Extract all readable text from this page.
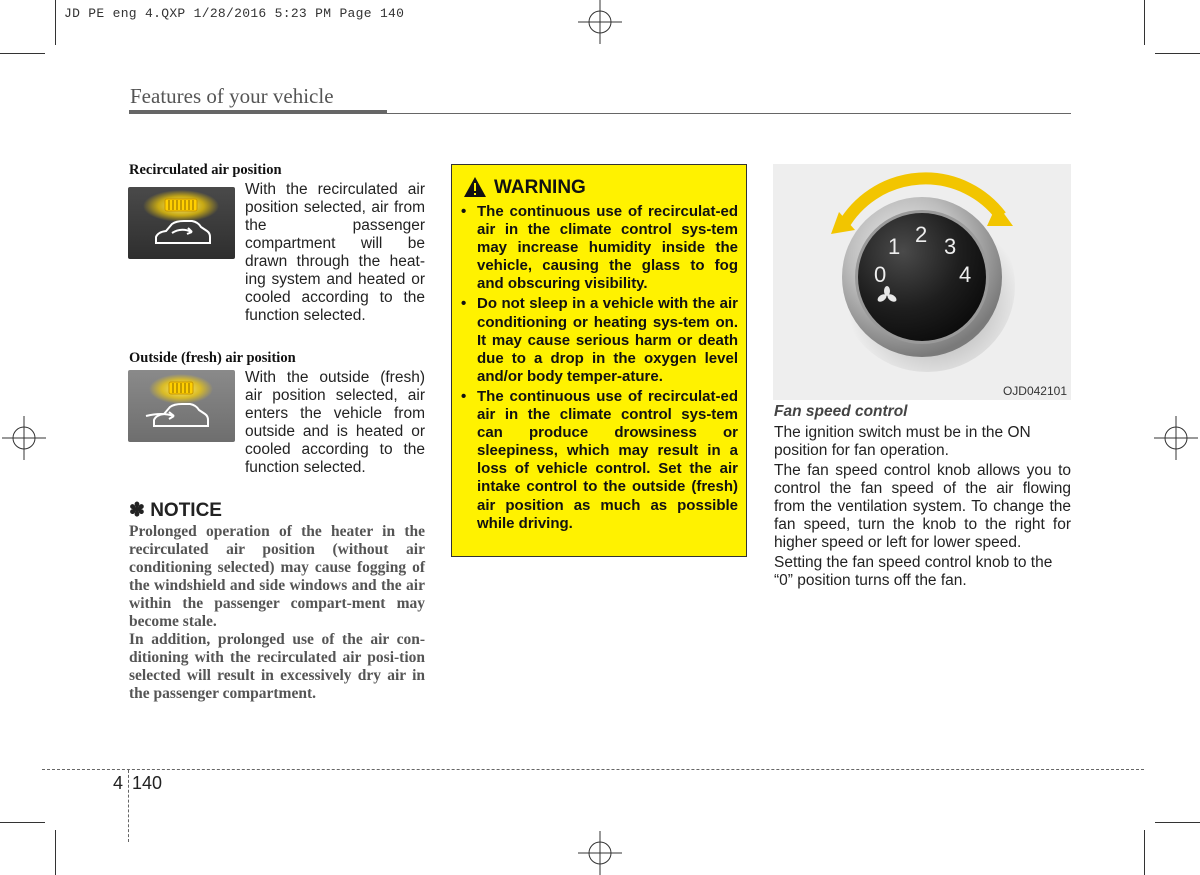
JD PE eng 4.QXP 1/28/2016 5:23 PM Page 140
Features of your vehicle
Recirculated air position
With the recirculated air position selected, air from the passenger compartment will be drawn through the heat-ing system and heated or cooled according to the function selected.
Outside (fresh) air position
With the outside (fresh) air position selected, air enters the vehicle from outside and is heated or cooled according to the function selected.
✽ NOTICE
Prolonged operation of the heater in the recirculated air position (without air conditioning selected) may cause fogging of the windshield and side windows and the air within the passenger compart-ment may become stale.
In addition, prolonged use of the air con-ditioning with the recirculated air posi-tion selected will result in excessively dry air in the passenger compartment.
WARNING
• The continuous use of recirculat-ed air in the climate control sys-tem may increase humidity inside the vehicle, causing the glass to fog and obscuring visibility.
• Do not sleep in a vehicle with the air conditioning or heating sys-tem on. It may cause serious harm or death due to a drop in the oxygen level and/or body temper-ature.
• The continuous use of recirculat-ed air in the climate control sys-tem can produce drowsiness or sleepiness, which may result in a loss of vehicle control. Set the air intake control to the outside (fresh) air position as much as possible while driving.
0
1 2 3
4
OJD042101
Fan speed control
The ignition switch must be in the ON position for fan operation.
The fan speed control knob allows you to control the fan speed of the air flowing from the ventilation system. To change the fan speed, turn the knob to the right for higher speed or left for lower speed.
Setting the fan speed control knob to the “0” position turns off the fan.
4 140
